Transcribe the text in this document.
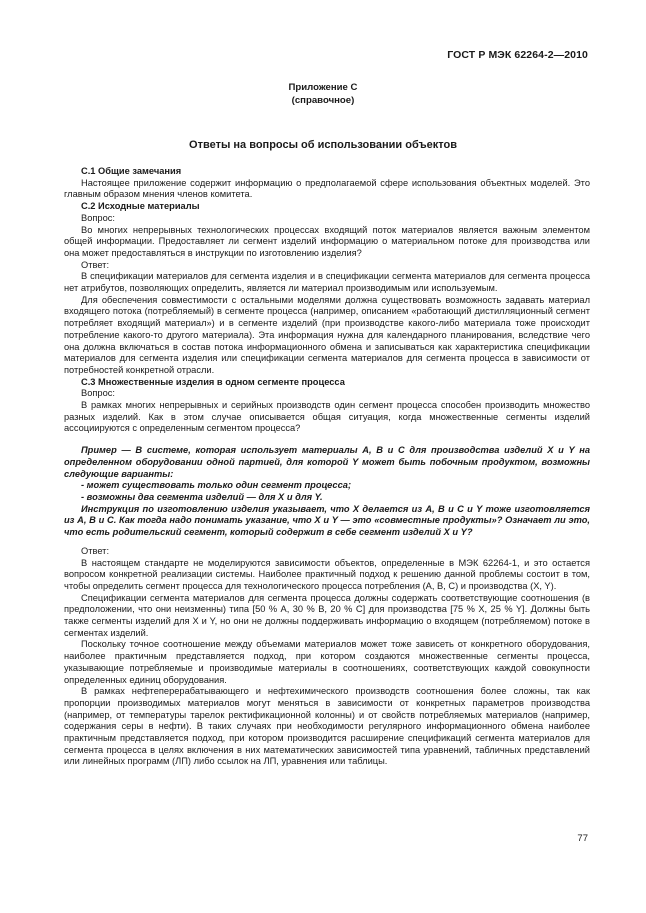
ГОСТ Р МЭК 62264-2—2010
Приложение С
(справочное)
Ответы на вопросы об использовании объектов

С.1 Общие замечания

Настоящее приложение содержит информацию о предполагаемой сфере использования объектных моделей. Это главным образом мнения членов комитета.

С.2 Исходные материалы

Вопрос:

Во многих непрерывных технологических процессах входящий поток материалов является важным элементом общей информации. Предоставляет ли сегмент изделий информацию о материальном потоке для производства или она может предоставляться в инструкции по изготовлению изделия?

Ответ:

В спецификации материалов для сегмента изделия и в спецификации сегмента материалов для сегмента процесса нет атрибутов, позволяющих определить, является ли материал производимым или используемым.

Для обеспечения совместимости с остальными моделями должна существовать возможность задавать материал входящего потока (потребляемый) в сегменте процесса (например, описанием «работающий дистилляционный сегмент потребляет входящий материал») и в сегменте изделий (при производстве какого-либо материала тоже происходит потребление какого-то другого материала). Эта информация нужна для календарного планирования, вследствие чего она должна включаться в состав потока информационного обмена и записываться как характеристика спецификации материалов для сегмента изделия или спецификации сегмента материалов для сегмента процесса в зависимости от потребностей конкретной отрасли.

С.3 Множественные изделия в одном сегменте процесса

Вопрос:

В рамках многих непрерывных и серийных производств один сегмент процесса способен производить множество разных изделий. Как в этом случае описывается общая ситуация, когда множественные сегменты изделий ассоциируются с определенным сегментом процесса?

Пример — В системе, которая использует материалы А, В и С для производства изделий X и Y на определенном оборудовании одной партией, для которой Y может быть побочным продуктом, возможны следующие варианты:

- может существовать только один сегмент процесса;

- возможны два сегмента изделий — для X и для Y.

Инструкция по изготовлению изделия указывает, что X делается из А, В и С и Y тоже изготовляется из А, В и С. Как тогда надо понимать указание, что X и Y — это «совместные продукты»? Означает ли это, что есть родительский сегмент, который содержит в себе сегмент изделий X и Y?

Ответ:

В настоящем стандарте не моделируются зависимости объектов, определенные в МЭК 62264-1, и это остается вопросом конкретной реализации системы. Наиболее практичный подход к решению данной проблемы состоит в том, чтобы определить сегмент процесса для технологического процесса потребления (А, В, С) и производства (X, Y).

Спецификации сегмента материалов для сегмента процесса должны содержать соответствующие соотношения (в предположении, что они неизменны) типа [50 % А, 30 % В, 20 % С] для производства [75 % X, 25 % Y]. Должны быть также сегменты изделий для X и Y, но они не должны поддерживать информацию о входящем (потребляемом) потоке в сегментах изделий.

Поскольку точное соотношение между объемами материалов может тоже зависеть от конкретного оборудования, наиболее практичным представляется подход, при котором создаются множественные сегменты процесса, указывающие потребляемые и производимые материалы в соотношениях, соответствующих каждой совокупности определенных единиц оборудования.

В рамках нефтеперерабатывающего и нефтехимического производств соотношения более сложны, так как пропорции производимых материалов могут меняться в зависимости от конкретных параметров производства (например, от температуры тарелок ректификационной колонны) и от свойств потребляемых материалов (например, содержания серы в нефти). В таких случаях при необходимости регулярного информационного обмена наиболее практичным представляется подход, при котором производится расширение спецификаций сегмента материалов для сегмента процесса в целях включения в них математических зависимостей типа уравнений, табличных представлений или линейных программ (ЛП) либо ссылок на ЛП, уравнения или таблицы.

77
